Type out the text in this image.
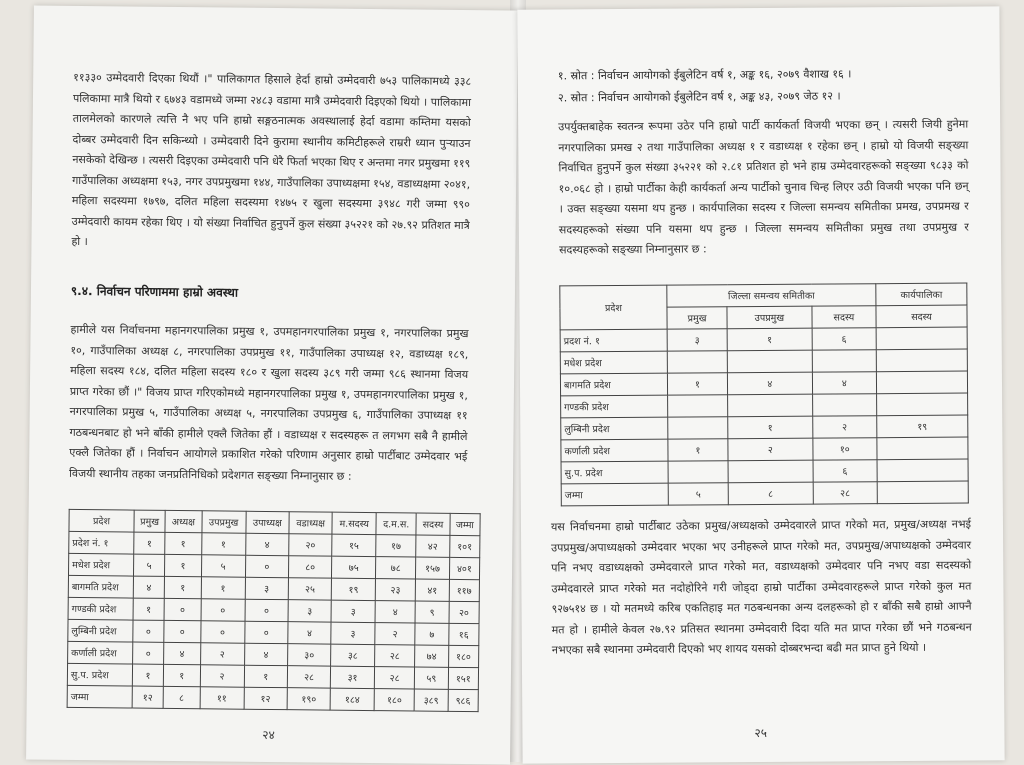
११३३० उम्मेदवारी दिएका थियौं ।" पालिकागत हिसाले हेर्दा हाम्रो उम्मेदवारी ७५३ पालिकामध्ये ३३८ पलिकामा मात्रै थियो र ६७४३ वडामध्ये जम्मा २४८३ वडामा मात्रै उम्मेदवारी दिइएको थियो । पालिकामा तालमेलको कारणले त्यत्ति नै भए पनि हाम्रो सङ्गठनात्मक अवस्थालाई हेर्दा वडामा कम्तिमा यसको दोब्बर उम्मेदवारी दिन सकिन्थ्यो । उम्मेदवारी दिने कुरामा स्थानीय कमिटीहरूले राम्ररी ध्यान पुऱ्याउन नसकेको देखिन्छ । त्यसरी दिइएका उम्मेदवारी पनि धेरै फिर्ता भएका थिए र अन्तमा नगर प्रमुखमा ११९ गाउँपालिका अध्यक्षमा १५३, नगर उपप्रमुखमा १४४, गाउँपालिका उपाध्यक्षमा १५४, वडाध्यक्षमा २०४१, महिला सदस्यमा १७९७, दलित महिला सदस्यमा १४७५ र खुला सदस्यमा ३९४८ गरी जम्मा ९९० उम्मेदवारी कायम रहेका थिए । यो संख्या निर्वाचित हुनुपर्ने कुल संख्या ३५२२१ को २७.९२ प्रतिशत मात्रै हो ।

९.४. निर्वाचन परिणाममा हाम्रो अवस्था

हामीले यस निर्वाचनमा महानगरपालिका प्रमुख १, उपमहानगरपालिका प्रमुख १, नगरपालिका प्रमुख १०, गाउँपालिका अध्यक्ष ८, नगरपालिका उपप्रमुख ११, गाउँपालिका उपाध्यक्ष १२, वडाध्यक्ष १८९, महिला सदस्य १८४, दलित महिला सदस्य १८० र खुला सदस्य ३८९ गरी जम्मा ९८६ स्थानमा विजय प्राप्त गरेका छौं ।" विजय प्राप्त गरिएकोमध्ये महानगरपालिका प्रमुख १, उपमहानगरपालिका प्रमुख १, नगरपालिका प्रमुख ५, गाउँपालिका अध्यक्ष ५, नगरपालिका उपप्रमुख ६, गाउँपालिका उपाध्यक्ष ११ गठबन्धनबाट हो भने बाँकी हामीले एक्लै जितेका हौं । वडाध्यक्ष र सदस्यहरू त लगभग सबै नै हामीले एक्लै जितेका हौं । निर्वाचन आयोगले प्रकाशित गरेको परिणाम अनुसार हाम्रो पार्टीबाट उम्मेदवार भई विजयी स्थानीय तहका जनप्रतिनिधिको प्रदेशगत सङ्ख्या निम्नानुसार छ :

प्रदेश	प्रमुख	अध्यक्ष	उपप्रमुख	उपाध्यक्ष	वडाध्यक्ष	म.सदस्य	द.म.स.	सदस्य	जम्मा
प्रदेश नं. १	१	१	१	४	२०	१५	१७	४२	१०१
मधेश प्रदेश	५	१	५	०	८०	७५	७८	१५७	४०१
बागमति प्रदेश	४	१	१	३	२५	१९	२३	४१	११७
गण्डकी प्रदेश	१	०	०	०	३	३	४	९	२०
लुम्बिनी प्रदेश	०	०	०	०	४	३	२	७	१६
कर्णाली प्रदेश	०	४	२	४	३०	३८	२८	७४	१८०
सु.प. प्रदेश	१	१	२	१	२८	३१	२८	५९	१५१
जम्मा	१२	८	११	१२	१९०	१८४	१८०	३८९	९८६
२४

१. स्रोत : निर्वाचन आयोगको ईबुलेटिन वर्ष १, अङ्क १६, २०७९ वैशाख १६ ।

२. स्रोत : निर्वाचन आयोगको ईबुलेटिन वर्ष १, अङ्क ४३, २०७९ जेठ १२ ।

उपर्युक्तबाहेक स्वतन्त्र रूपमा उठेर पनि हाम्रो पार्टी कार्यकर्ता विजयी भएका छन् । त्यसरी जियी हुनेमा नगरपालिका प्रमख २ तथा गाउँपालिका अध्यक्ष १ र वडाध्यक्ष १ रहेका छन् । हाम्रो यो विजयी सङ्ख्या निर्वाचित हुनुपर्ने कुल संख्या ३५२२१ को २.८१ प्रतिशत हो भने हाम्र उम्मेदवारहरूको सङ्ख्या ९८३३ को १०.०६८ हो । हाम्रो पार्टीका केही कार्यकर्ता अन्य पार्टीको चुनाव चिन्ह लिएर उठी विजयी भएका पनि छन् । उक्त सङ्ख्या यसमा थप हुन्छ । कार्यपालिका सदस्य र जिल्ला समन्वय समितीका प्रमख, उपप्रमख र सदस्यहरूको संख्या पनि यसमा थप हुन्छ । जिल्ला समन्वय समितीका प्रमुख तथा उपप्रमुख र सदस्यहरूको सङ्ख्या निम्नानुसार छ :

प्रदेश	जिल्ला समन्वय समितीका			कार्यपालिका
	प्रमुख	उपप्रमुख	सदस्य	सदस्य
प्रदश नं. १	३	१	६	
मधेश प्रदेश				
बागमति प्रदेश	१	४	४	
गण्डकी प्रदेश				
लुम्बिनी प्रदेश		१	२	१९
कर्णाली प्रदेश	१	२	१०	
सु.प. प्रदेश			६	
जम्मा	५	८	२८	

यस निर्वाचनमा हाम्रो पार्टीबाट उठेका प्रमुख/अध्यक्षको उम्मेदवारले प्राप्त गरेको मत, प्रमुख/अध्यक्ष नभई उपप्रमुख/अपाध्यक्षको उम्मेदवार भएका भए उनीहरूले प्राप्त गरेको मत, उपप्रमुख/अपाध्यक्षको उम्मेदवार पनि नभए वडाध्यक्षको उम्मेदवारले प्राप्त गरेको मत, वडाध्यक्षको उम्मेदवार पनि नभए वडा सदस्यको उम्मेदवारले प्राप्त गरेको मत नदोहोरिने गरी जोड्दा हाम्रो पार्टीका उम्मेदवारहरूले प्राप्त गरेको कुल मत ९२७५१४ छ । यो मतमध्ये करिब एकतिहाइ मत गठबन्धनका अन्य दलहरूको हो र बाँकी सबै हाम्रो आफ्नै मत हो । हामीले केवल २७.९२ प्रतिसत स्थानमा उम्मेदवारी दिदा यति मत प्राप्त गरेका छौं भने गठबन्धन नभएका सबै स्थानमा उम्मेदवारी दिएको भए शायद यसको दोब्बरभन्दा बढी मत प्राप्त हुने थियो ।

२५
